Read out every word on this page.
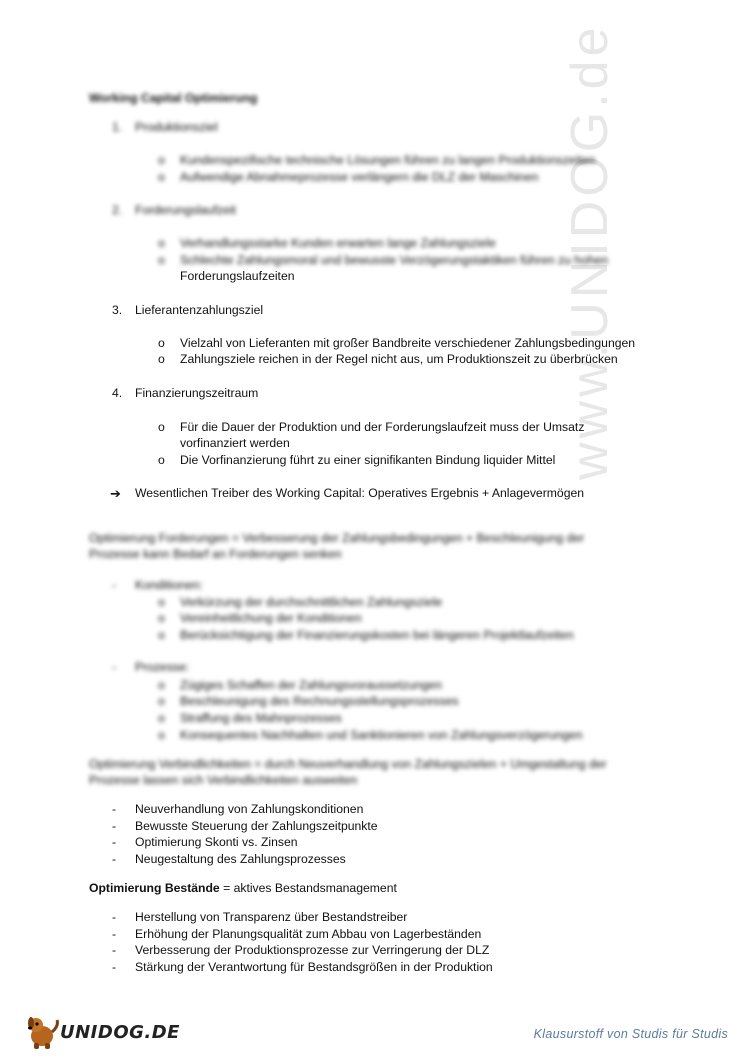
www.UNIDOG.de
Working Capital Optimierung
1. Produktionsziel
o Kundenspezifische technische Lösungen führen zu langen Produktionszeiten
o Aufwendige Abnahmeprozesse verlängern die DLZ der Maschinen
2. Forderungslaufzeit
o Verhandlungsstarke Kunden erwarten lange Zahlungsziele
o Schlechte Zahlungsmoral und bewusste Verzögerungstaktiken führen zu hohen
Forderungslaufzeiten
3. Lieferantenzahlungsziel
o Vielzahl von Lieferanten mit großer Bandbreite verschiedener Zahlungsbedingungen
o Zahlungsziele reichen in der Regel nicht aus, um Produktionszeit zu überbrücken
4. Finanzierungszeitraum
o Für die Dauer der Produktion und der Forderungslaufzeit muss der Umsatz
vorfinanziert werden
o Die Vorfinanzierung führt zu einer signifikanten Bindung liquider Mittel
➔ Wesentlichen Treiber des Working Capital: Operatives Ergebnis + Anlagevermögen
Optimierung Forderungen = Verbesserung der Zahlungsbedingungen + Beschleunigung der
Prozesse kann Bedarf an Forderungen senken
- Konditionen:
o Verkürzung der durchschnittlichen Zahlungsziele
o Vereinheitlichung der Konditionen
o Berücksichtigung der Finanzierungskosten bei längeren Projektlaufzeiten
- Prozesse:
o Zügiges Schaffen der Zahlungsvoraussetzungen
o Beschleunigung des Rechnungsstellungsprozesses
o Straffung des Mahnprozesses
o Konsequentes Nachhalten und Sanktionieren von Zahlungsverzögerungen
Optimierung Verbindlichkeiten = durch Neuverhandlung von Zahlungszielen + Umgestaltung der
Prozesse lassen sich Verbindlichkeiten ausweiten
- Neuverhandlung von Zahlungskonditionen
- Bewusste Steuerung der Zahlungszeitpunkte
- Optimierung Skonti vs. Zinsen
- Neugestaltung des Zahlungsprozesses
Optimierung Bestände = aktives Bestandsmanagement
- Herstellung von Transparenz über Bestandstreiber
- Erhöhung der Planungsqualität zum Abbau von Lagerbeständen
- Verbesserung der Produktionsprozesse zur Verringerung der DLZ
- Stärkung der Verantwortung für Bestandsgrößen in der Produktion
UNIDOG.DE	Klausurstoff von Studis für Studis
